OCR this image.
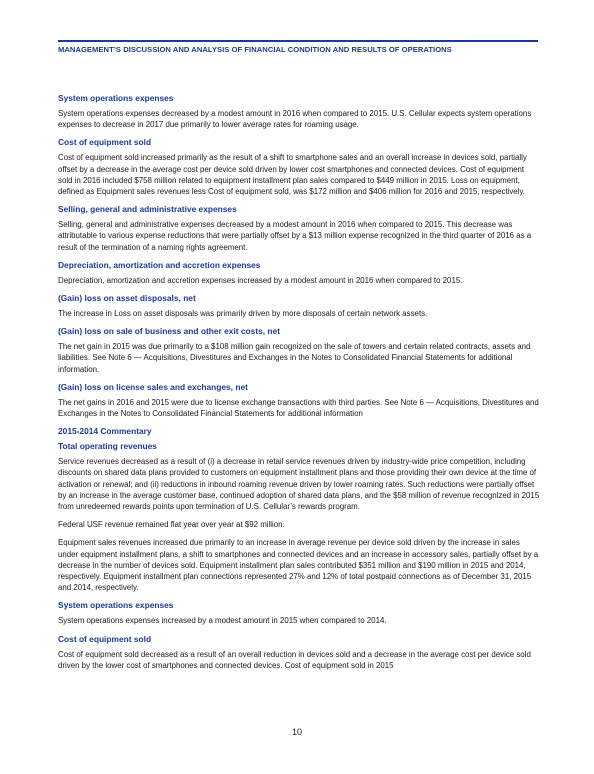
MANAGEMENT’S DISCUSSION AND ANALYSIS OF FINANCIAL CONDITION AND RESULTS OF OPERATIONS
System operations expenses

System operations expenses decreased by a modest amount in 2016 when compared to 2015. U.S. Cellular expects system operations expenses to decrease in 2017 due primarily to lower average rates for roaming usage.

Cost of equipment sold

Cost of equipment sold increased primarily as the result of a shift to smartphone sales and an overall increase in devices sold, partially offset by a decrease in the average cost per device sold driven by lower cost smartphones and connected devices. Cost of equipment sold in 2016 included $758 million related to equipment installment plan sales compared to $449 million in 2015. Loss on equipment, defined as Equipment sales revenues less Cost of equipment sold, was $172 million and $406 million for 2016 and 2015, respectively.

Selling, general and administrative expenses

Selling, general and administrative expenses decreased by a modest amount in 2016 when compared to 2015. This decrease was attributable to various expense reductions that were partially offset by a $13 million expense recognized in the third quarter of 2016 as a result of the termination of a naming rights agreement.

Depreciation, amortization and accretion expenses

Depreciation, amortization and accretion expenses increased by a modest amount in 2016 when compared to 2015.

(Gain) loss on asset disposals, net

The increase in Loss on asset disposals was primarily driven by more disposals of certain network assets.

(Gain) loss on sale of business and other exit costs, net

The net gain in 2015 was due primarily to a $108 million gain recognized on the sale of towers and certain related contracts, assets and liabilities. See Note 6 — Acquisitions, Divestitures and Exchanges in the Notes to Consolidated Financial Statements for additional information.

(Gain) loss on license sales and exchanges, net

The net gains in 2016 and 2015 were due to license exchange transactions with third parties. See Note 6 — Acquisitions, Divestitures and Exchanges in the Notes to Consolidated Financial Statements for additional information

2015-2014 Commentary
Total operating revenues

Service revenues decreased as a result of (i) a decrease in retail service revenues driven by industry-wide price competition, including discounts on shared data plans provided to customers on equipment installment plans and those providing their own device at the time of activation or renewal; and (ii) reductions in inbound roaming revenue driven by lower roaming rates. Such reductions were partially offset by an increase in the average customer base, continued adoption of shared data plans, and the $58 million of revenue recognized in 2015 from unredeemed rewards points upon termination of U.S. Cellular’s rewards program.

Federal USF revenue remained flat year over year at $92 million.

Equipment sales revenues increased due primarily to an increase in average revenue per device sold driven by the increase in sales under equipment installment plans, a shift to smartphones and connected devices and an increase in accessory sales, partially offset by a decrease in the number of devices sold. Equipment installment plan sales contributed $351 million and $190 million in 2015 and 2014, respectively. Equipment installment plan connections represented 27% and 12% of total postpaid connections as of December 31, 2015 and 2014, respectively.

System operations expenses

System operations expenses increased by a modest amount in 2015 when compared to 2014.

Cost of equipment sold

Cost of equipment sold decreased as a result of an overall reduction in devices sold and a decrease in the average cost per device sold driven by the lower cost of smartphones and connected devices. Cost of equipment sold in 2015

10
